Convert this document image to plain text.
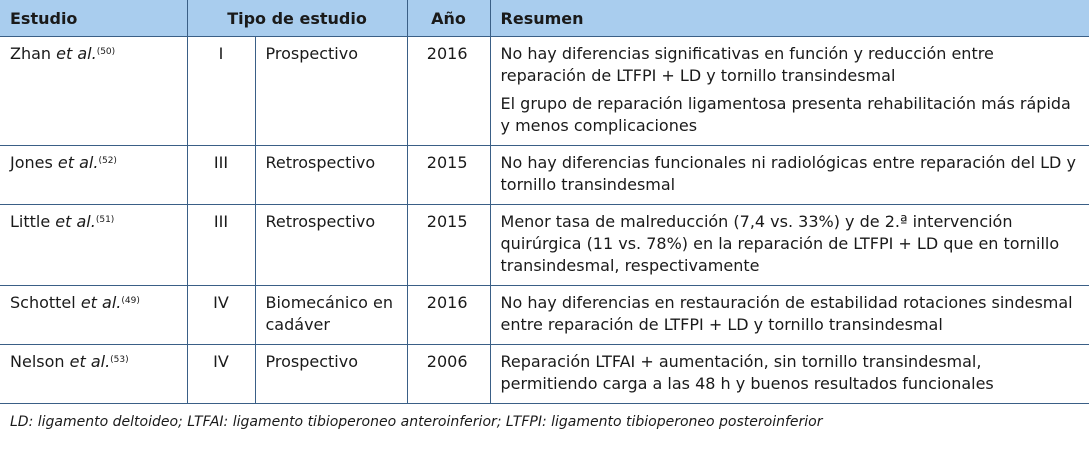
Estudio	Tipo de estudio		Año	Resumen
Zhan et al.$^{(50)}$	I	Prospectivo	2016	No hay diferencias significativas en función y reducción entre reparación de LTFPI + LD y tornillo transindesmal
El grupo de reparación ligamentosa presenta rehabilitación más rápida y menos complicaciones

Jones et al.$^{(52)}$	III	Retrospectivo	2015	No hay diferencias funcionales ni radiológicas entre reparación del LD y tornillo transindesmal

Little et al.$^{(51)}$	III	Retrospectivo	2015	Menor tasa de malreducción (7,4 vs. 33%) y de 2.ª intervención quirúrgica (11 vs. 78%) en la reparación de LTFPI + LD que en tornillo transindesmal, respectivamente

Schottel et al.$^{(49)}$	IV	Biomecánico en cadáver	2016	No hay diferencias en restauración de estabilidad rotaciones sindesmal entre reparación de LTFPI + LD y tornillo transindesmal

Nelson et al.$^{(53)}$	IV	Prospectivo	2006	Reparación LTFAI + aumentación, sin tornillo transindesmal, permitiendo carga a las 48 h y buenos resultados funcionales
LD: ligamento deltoideo; LTFAI: ligamento tibioperoneo anteroinferior; LTFPI: ligamento tibioperoneo posteroinferior
